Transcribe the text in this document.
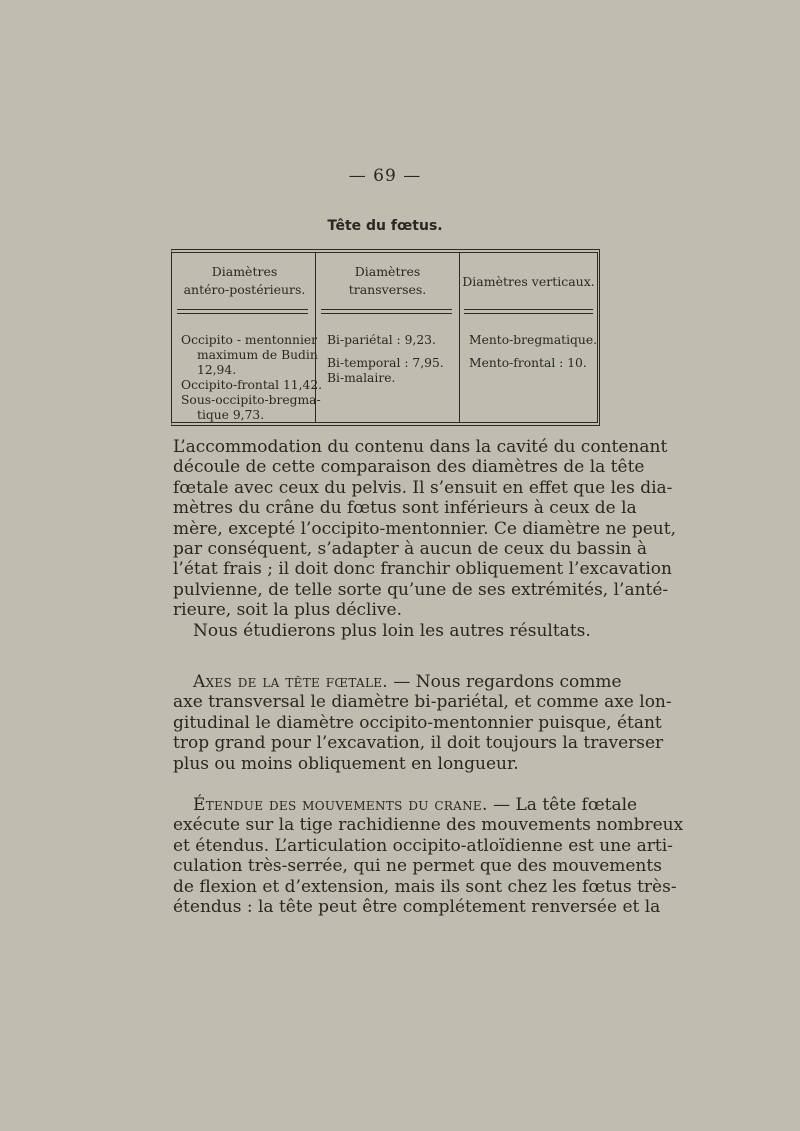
— 69 —
Tête du fœtus.
Diamètres
antéro-postérieurs.
Diamètres
transverses.
Diamètres verticaux.
Occipito - mentonnier
maximum de Budin
12,94.
Occipito-frontal 11,42.
Sous-occipito-bregma-
tique 9,73.
Bi-pariétal : 9,23.
Bi-temporal : 7,95.
Bi-malaire.
Mento-bregmatique.
Mento-frontal : 10.
L’accommodation du contenu dans la cavité du contenant
découle de cette comparaison des diamètres de la tête
fœtale avec ceux du pelvis. Il s’ensuit en effet que les dia-
mètres du crâne du fœtus sont inférieurs à ceux de la
mère, excepté l’occipito-mentonnier. Ce diamètre ne peut,
par conséquent, s’adapter à aucun de ceux du bassin à
l’état frais ; il doit donc franchir obliquement l’excavation
pulvienne, de telle sorte qu’une de ses extrémités, l’anté-
rieure, soit la plus déclive.
Nous étudierons plus loin les autres résultats.
Axes de la tête fœtale. — Nous regardons comme
axe transversal le diamètre bi-pariétal, et comme axe lon-
gitudinal le diamètre occipito-mentonnier puisque, étant
trop grand pour l’excavation, il doit toujours la traverser
plus ou moins obliquement en longueur.
Étendue des mouvements du crane. — La tête fœtale
exécute sur la tige rachidienne des mouvements nombreux
et étendus. L’articulation occipito-atloïdienne est une arti-
culation très-serrée, qui ne permet que des mouvements
de flexion et d’extension, mais ils sont chez les fœtus très-
étendus : la tête peut être complétement renversée et la
